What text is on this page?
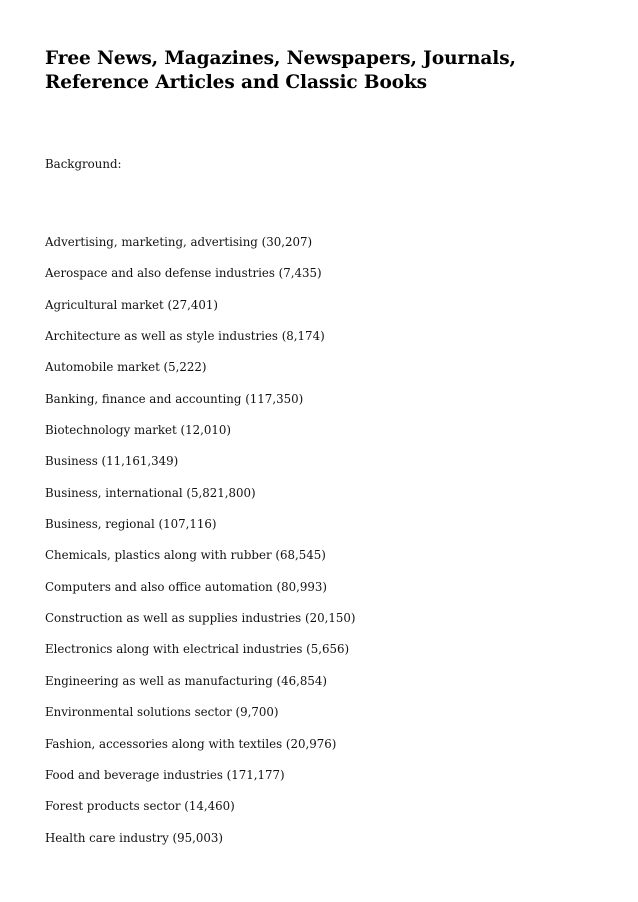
Free News, Magazines, Newspapers, Journals, Reference Articles and Classic Books

Background:

Advertising, marketing, advertising (30,207)
Aerospace and also defense industries (7,435)
Agricultural market (27,401)
Architecture as well as style industries (8,174)
Automobile market (5,222)
Banking, finance and accounting (117,350)
Biotechnology market (12,010)
Business (11,161,349)
Business, international (5,821,800)
Business, regional (107,116)
Chemicals, plastics along with rubber (68,545)
Computers and also office automation (80,993)
Construction as well as supplies industries (20,150)
Electronics along with electrical industries (5,656)
Engineering as well as manufacturing (46,854)
Environmental solutions sector (9,700)
Fashion, accessories along with textiles (20,976)
Food and beverage industries (171,177)
Forest products sector (14,460)
Health care industry (95,003)
